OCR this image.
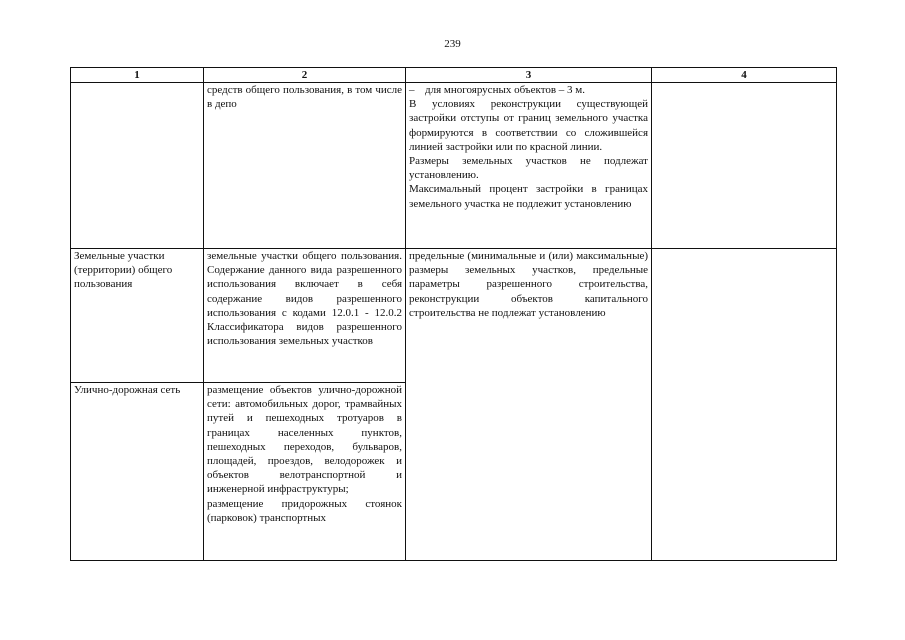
239
1	2	3	4

	средств общего пользования, в том числе в депо	– для многоярусных объектов – 3 м.
В условиях реконструкции существующей застройки отступы от границ земельного участка формируются в соответствии со сложившейся линией застройки или по красной линии.
Размеры земельных участков не подлежат установлению.
Максимальный процент застройки в границах земельного участка не подлежит установлению	

Земельные участки (территории) общего пользования	земельные участки общего пользования. Содержание данного вида разрешенного использования включает в себя содержание видов разрешенного использования с кодами 12.0.1 - 12.0.2 Классификатора видов разрешенного использования земельных участков	предельные (минимальные и (или) максимальные) размеры земельных участков, предельные параметры разрешенного строительства, реконструкции объектов капитального строительства не подлежат установлению	
Улично-дорожная сеть	размещение объектов улично-дорожной сети: автомобильных дорог, трамвайных путей и пешеходных тротуаров в границах населенных пунктов, пешеходных переходов, бульваров, площадей, проездов, велодорожек и объектов велотранспортной и инженерной инфраструктуры;
размещение придорожных стоянок (парковок) транспортных		
